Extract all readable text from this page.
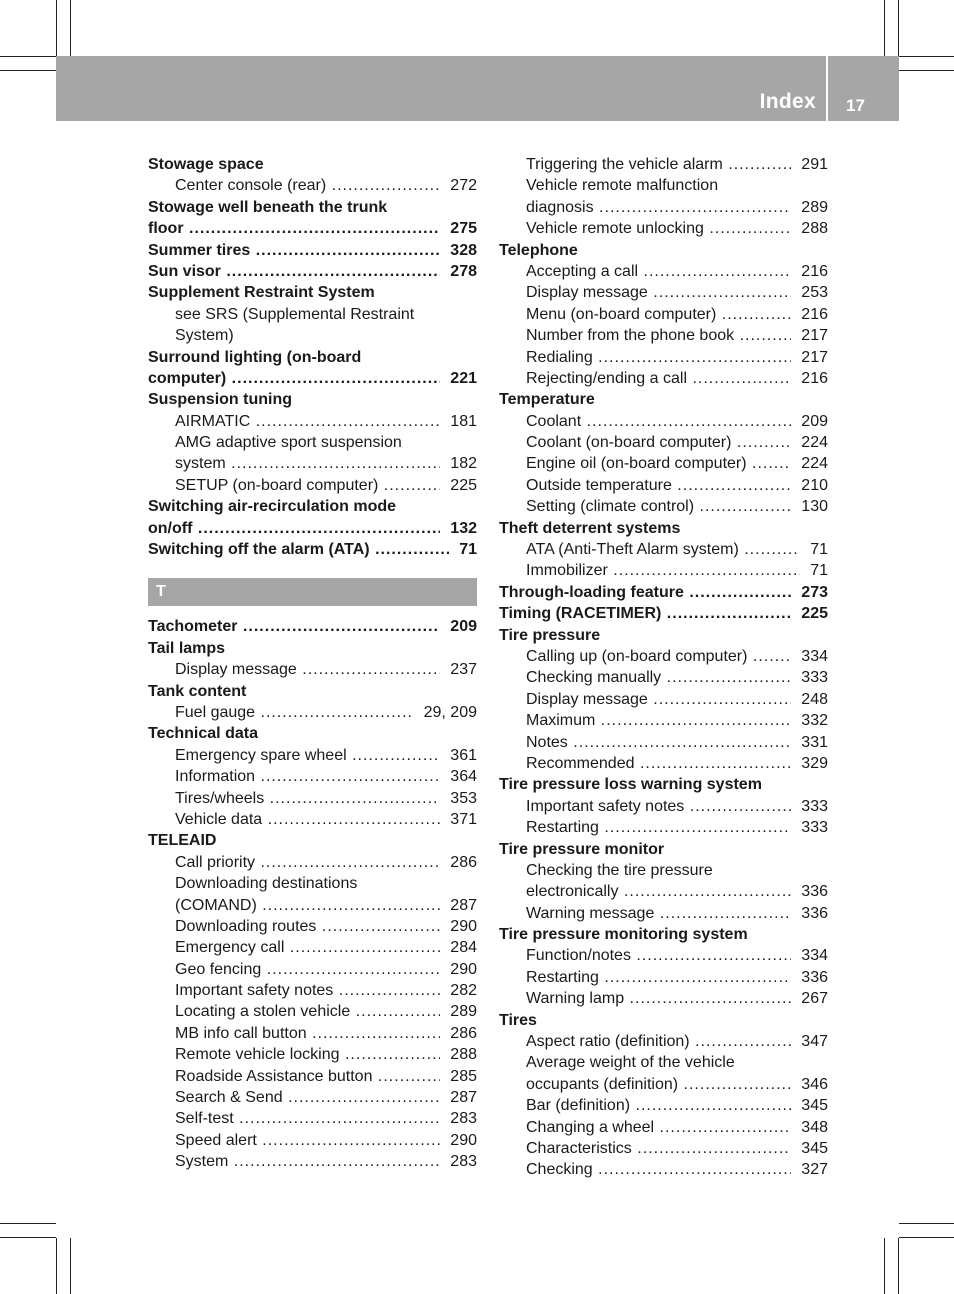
Index 17
Stowage space
Center console (rear) .....	272
Stowage well beneath the trunk
floor .....	275
Summer tires .....	328
Sun visor .....	278
Supplement Restraint System
see SRS (Supplemental Restraint
System)
Surround lighting (on-board
computer) .....	221
Suspension tuning
AIRMATIC .....	181
AMG adaptive sport suspension
system .....	182
SETUP (on-board computer) .....	225
Switching air-recirculation mode
on/off .....	132
Switching off the alarm (ATA) .....	71
T
Tachometer .....	209
Tail lamps
Display message .....	237
Tank content
Fuel gauge .....	29, 209
Technical data
Emergency spare wheel .....	361
Information .....	364
Tires/wheels .....	353
Vehicle data .....	371
TELEAID
Call priority .....	286
Downloading destinations
(COMAND) .....	287
Downloading routes .....	290
Emergency call .....	284
Geo fencing .....	290
Important safety notes .....	282
Locating a stolen vehicle .....	289
MB info call button .....	286
Remote vehicle locking .....	288
Roadside Assistance button .....	285
Search & Send .....	287
Self-test .....	283
Speed alert .....	290
System .....	283
Triggering the vehicle alarm .....	291
Vehicle remote malfunction
diagnosis .....	289
Vehicle remote unlocking .....	288
Telephone
Accepting a call .....	216
Display message .....	253
Menu (on-board computer) .....	216
Number from the phone book .....	217
Redialing .....	217
Rejecting/ending a call .....	216
Temperature
Coolant .....	209
Coolant (on-board computer) .....	224
Engine oil (on-board computer) .....	224
Outside temperature .....	210
Setting (climate control) .....	130
Theft deterrent systems
ATA (Anti-Theft Alarm system) .....	71
Immobilizer .....	71
Through-loading feature .....	273
Timing (RACETIMER) .....	225
Tire pressure
Calling up (on-board computer) .....	334
Checking manually .....	333
Display message .....	248
Maximum .....	332
Notes .....	331
Recommended .....	329
Tire pressure loss warning system
Important safety notes .....	333
Restarting .....	333
Tire pressure monitor
Checking the tire pressure
electronically .....	336
Warning message .....	336
Tire pressure monitoring system
Function/notes .....	334
Restarting .....	336
Warning lamp .....	267
Tires
Aspect ratio (definition) .....	347
Average weight of the vehicle
occupants (definition) .....	346
Bar (definition) .....	345
Changing a wheel .....	348
Characteristics .....	345
Checking .....	327
